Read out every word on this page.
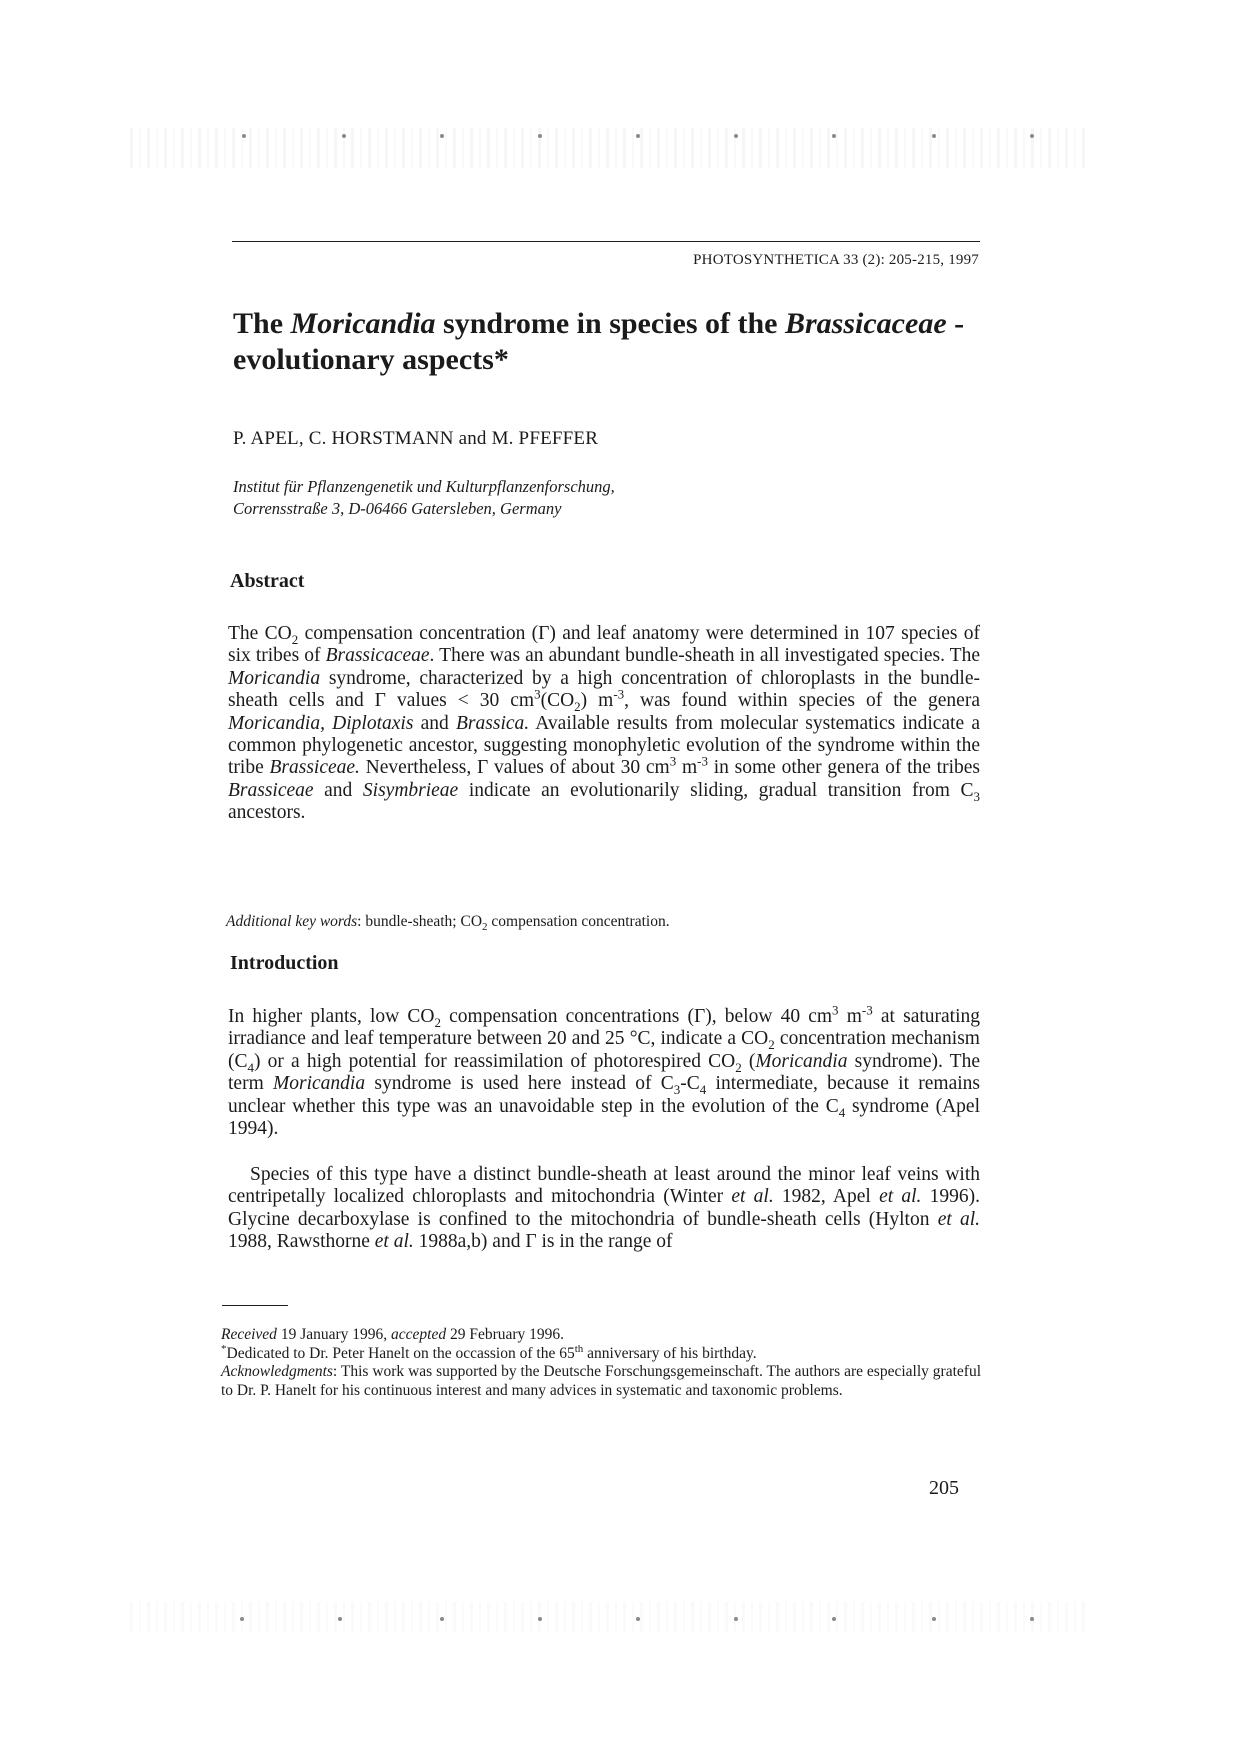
PHOTOSYNTHETICA 33 (2): 205-215, 1997
The Moricandia syndrome in species of the Brassicaceae - evolutionary aspects*
P. APEL, C. HORSTMANN and M. PFEFFER
Institut für Pflanzengenetik und Kulturpflanzenforschung,
Corrensstraße 3, D-06466 Gatersleben, Germany
Abstract

The $CO_2$ compensation concentration (Γ) and leaf anatomy were determined in 107 species of six tribes of Brassicaceae. There was an abundant bundle-sheath in all investigated species. The Moricandia syndrome, characterized by a high concentration of chloroplasts in the bundle-sheath cells and Γ values < 30 $cm^3(CO_2)$ $m^{-3}$, was found within species of the genera Moricandia, Diplotaxis and Brassica. Available results from molecular systematics indicate a common phylogenetic ancestor, suggesting monophyletic evolution of the syndrome within the tribe Brassiceae. Nevertheless, Γ values of about 30 $cm^3$ $m^{-3}$ in some other genera of the tribes Brassiceae and Sisymbrieae indicate an evolutionarily sliding, gradual transition from $C_3$ ancestors.

Additional key words: bundle-sheath; $CO_2$ compensation concentration.
Introduction

In higher plants, low $CO_2$ compensation concentrations (Γ), below 40 $cm^3$ $m^{-3}$ at saturating irradiance and leaf temperature between 20 and 25 °C, indicate a $CO_2$ concentration mechanism $(C_4)$ or a high potential for reassimilation of photorespired $CO_2$ (Moricandia syndrome). The term Moricandia syndrome is used here instead of $C_3-C_4$ intermediate, because it remains unclear whether this type was an unavoidable step in the evolution of the $C_4$ syndrome (Apel 1994).

Species of this type have a distinct bundle-sheath at least around the minor leaf veins with centripetally localized chloroplasts and mitochondria (Winter et al. 1982, Apel et al. 1996). Glycine decarboxylase is confined to the mitochondria of bundle-sheath cells (Hylton et al. 1988, Rawsthorne et al. 1988a,b) and Γ is in the range of

Received 19 January 1996, accepted 29 February 1996.

*Dedicated to Dr. Peter Hanelt on the occassion of the 65th anniversary of his birthday.

Acknowledgments: This work was supported by the Deutsche Forschungsgemeinschaft. The authors are especially grateful to Dr. P. Hanelt for his continuous interest and many advices in systematic and taxonomic problems.

205
